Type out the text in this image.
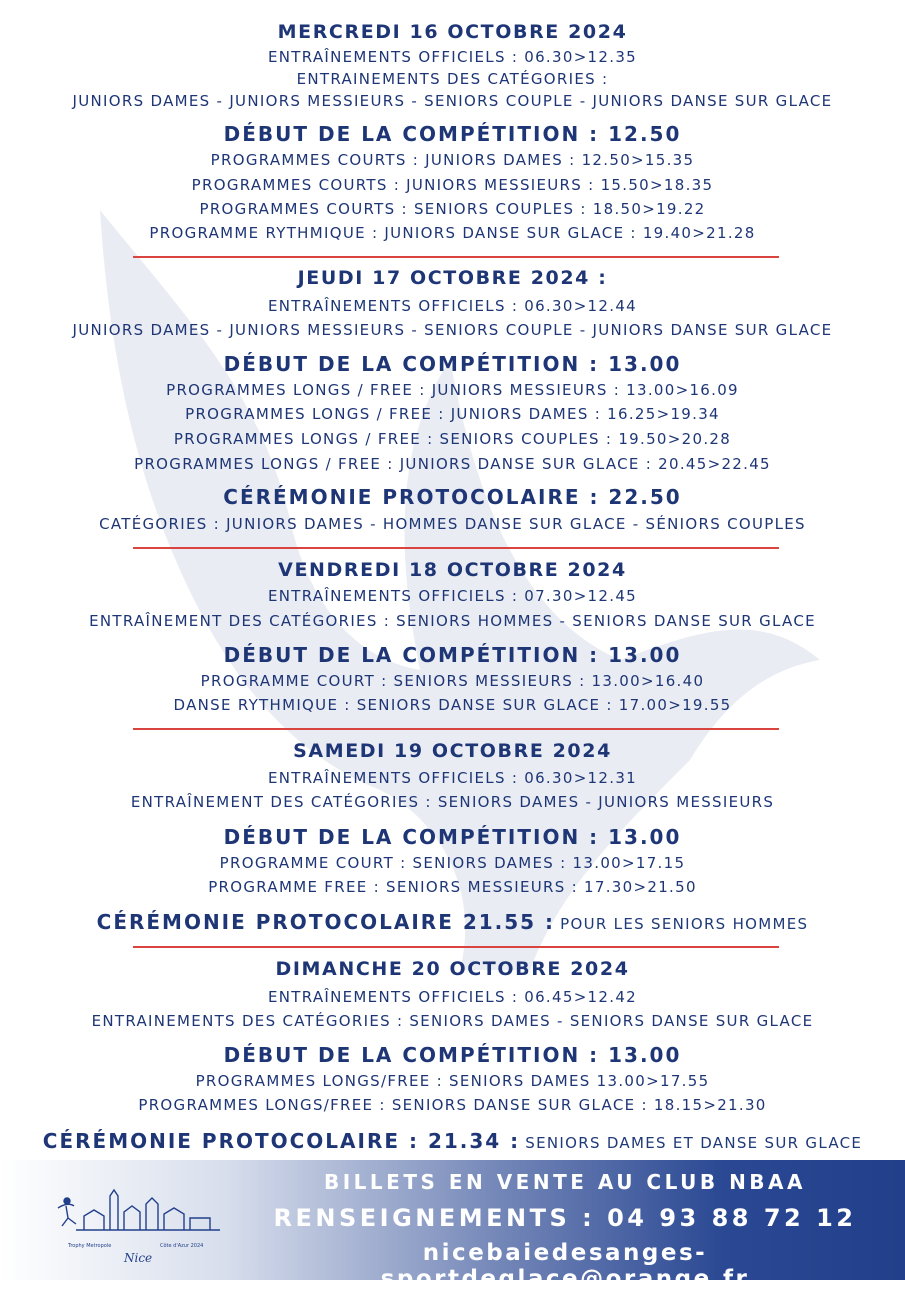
MERCREDI 16 OCTOBRE 2024
ENTRAÎNEMENTS OFFICIELS : 06.30>12.35
ENTRAINEMENTS DES CATÉGORIES :
JUNIORS DAMES - JUNIORS MESSIEURS - SENIORS COUPLE - JUNIORS DANSE SUR GLACE
DÉBUT DE LA COMPÉTITION : 12.50
PROGRAMMES COURTS : JUNIORS DAMES : 12.50>15.35
PROGRAMMES COURTS : JUNIORS MESSIEURS : 15.50>18.35
PROGRAMMES COURTS : SENIORS COUPLES : 18.50>19.22
PROGRAMME RYTHMIQUE : JUNIORS DANSE SUR GLACE : 19.40>21.28
JEUDI 17 OCTOBRE 2024 :
ENTRAÎNEMENTS OFFICIELS : 06.30>12.44
JUNIORS DAMES - JUNIORS MESSIEURS - SENIORS COUPLE - JUNIORS DANSE SUR GLACE
DÉBUT DE LA COMPÉTITION : 13.00
PROGRAMMES LONGS / FREE : JUNIORS MESSIEURS : 13.00>16.09
PROGRAMMES LONGS / FREE : JUNIORS DAMES : 16.25>19.34
PROGRAMMES LONGS / FREE : SENIORS COUPLES : 19.50>20.28
PROGRAMMES LONGS / FREE : JUNIORS DANSE SUR GLACE : 20.45>22.45
CÉRÉMONIE PROTOCOLAIRE : 22.50
CATÉGORIES : JUNIORS DAMES - HOMMES DANSE SUR GLACE - SÉNIORS COUPLES
VENDREDI 18 OCTOBRE 2024
ENTRAÎNEMENTS OFFICIELS : 07.30>12.45
ENTRAÎNEMENT DES CATÉGORIES : SENIORS HOMMES - SENIORS DANSE SUR GLACE
DÉBUT DE LA COMPÉTITION : 13.00
PROGRAMME COURT : SENIORS MESSIEURS : 13.00>16.40
DANSE RYTHMIQUE : SENIORS DANSE SUR GLACE : 17.00>19.55
SAMEDI 19 OCTOBRE 2024
ENTRAÎNEMENTS OFFICIELS : 06.30>12.31
ENTRAÎNEMENT DES CATÉGORIES : SENIORS DAMES - JUNIORS MESSIEURS
DÉBUT DE LA COMPÉTITION : 13.00
PROGRAMME COURT : SENIORS DAMES : 13.00>17.15
PROGRAMME FREE : SENIORS MESSIEURS : 17.30>21.50
CÉRÉMONIE PROTOCOLAIRE 21.55 : POUR LES SENIORS HOMMES
DIMANCHE 20 OCTOBRE 2024
ENTRAÎNEMENTS OFFICIELS : 06.45>12.42
ENTRAINEMENTS DES CATÉGORIES : SENIORS DAMES - SENIORS DANSE SUR GLACE
DÉBUT DE LA COMPÉTITION : 13.00
PROGRAMMES LONGS/FREE : SENIORS DAMES 13.00>17.55
PROGRAMMES LONGS/FREE : SENIORS DANSE SUR GLACE : 18.15>21.30
CÉRÉMONIE PROTOCOLAIRE : 21.34 : SENIORS DAMES ET DANSE SUR GLACE
BILLETS EN VENTE AU CLUB NBAA
RENSEIGNEMENTS : 04 93 88 72 12
nicebaiedesanges-sportdeglace@orange.fr
Trophy Metropole	Côte d'Azur 2024
Nice
